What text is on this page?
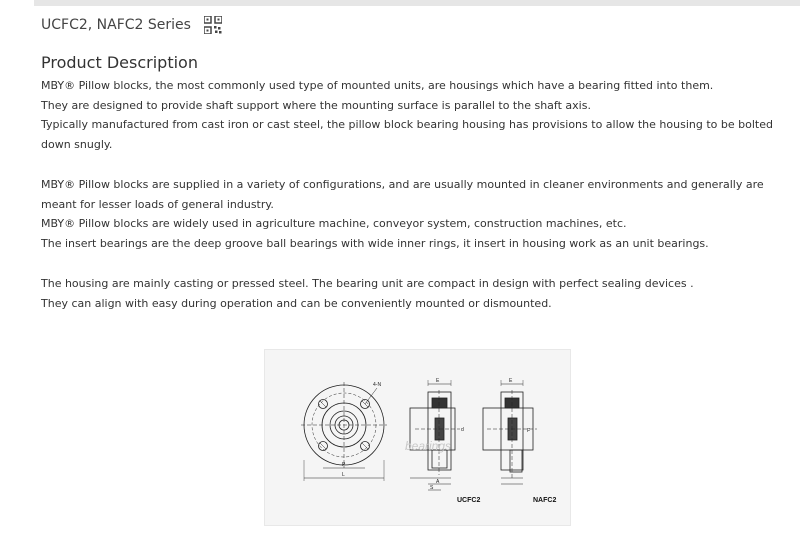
UCFC2, NAFC2 Series
Product Description

MBY® Pillow blocks, the most commonly used type of mounted units, are housings which have a bearing fitted into them.
They are designed to provide shaft support where the mounting surface is parallel to the shaft axis.
Typically manufactured from cast iron or cast steel, the pillow block bearing housing has provisions to allow the housing to be bolted down snugly.

MBY® Pillow blocks are supplied in a variety of configurations, and are usually mounted in cleaner environments and generally are meant for lesser loads of general industry.
MBY® Pillow blocks are widely used in agriculture machine, conveyor system, construction machines, etc.
The insert bearings are the deep groove ball bearings with wide inner rings, it insert in housing work as an unit bearings.

The housing are mainly casting or pressed steel. The bearing unit are compact in design with perfect sealing devices .
They can align with easy during operation and can be conveniently mounted or dismounted.

4-N
P
L
E
A
S
d
E
F
bearings
UCFC2	NAFC2
